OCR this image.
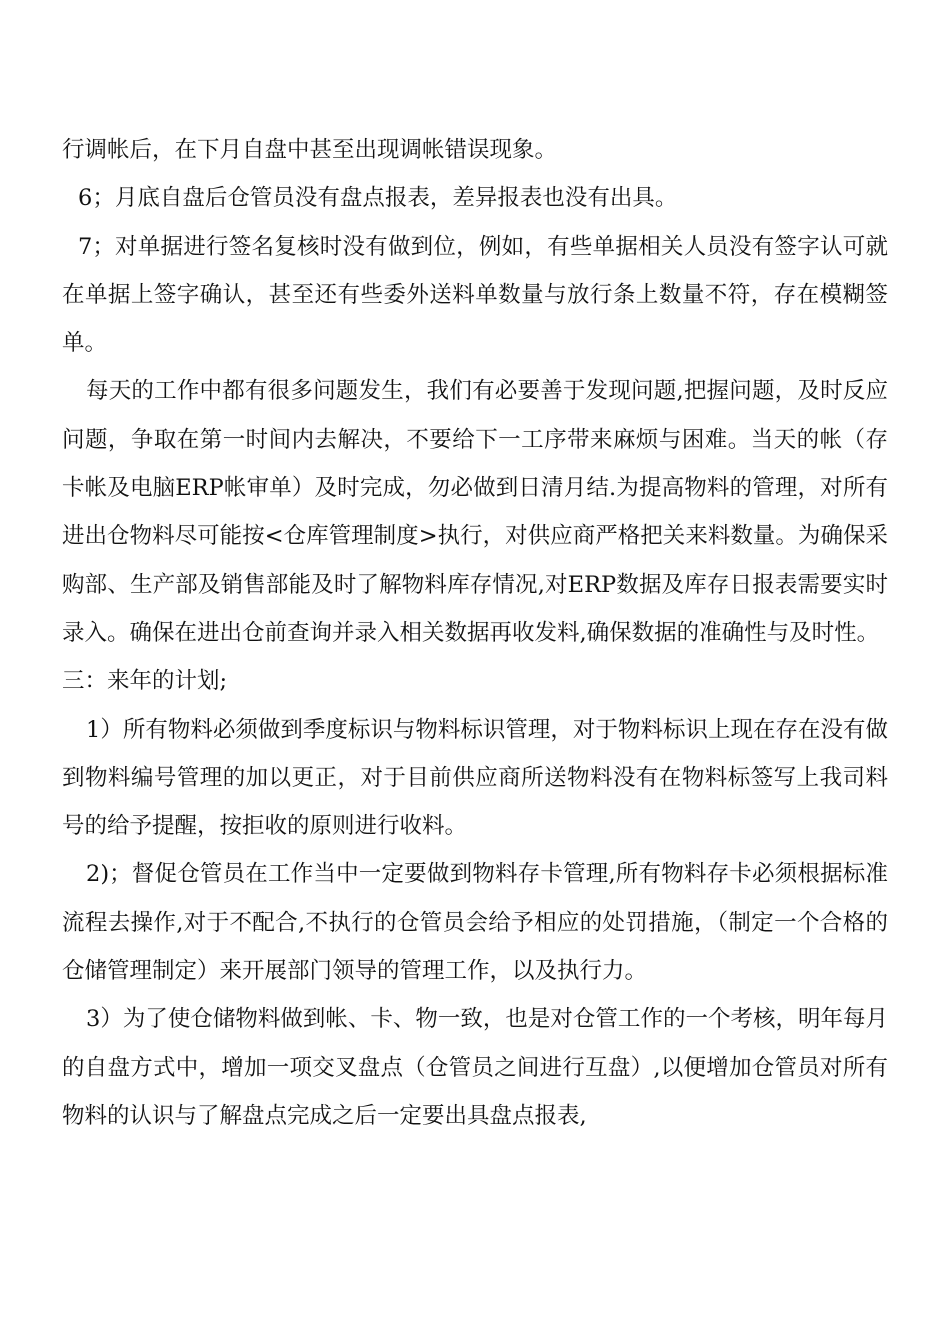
行调帐后，在下月自盘中甚至出现调帐错误现象。

6；月底自盘后仓管员没有盘点报表，差异报表也没有出具。

7；对单据进行签名复核时没有做到位，例如，有些单据相关人员没有签字认可就在单据上签字确认，甚至还有些委外送料单数量与放行条上数量不符，存在模糊签单。

每天的工作中都有很多问题发生，我们有必要善于发现问题,把握问题，及时反应问题，争取在第一时间内去解决，不要给下一工序带来麻烦与困难。当天的帐（存卡帐及电脑ERP帐审单）及时完成，勿必做到日清月结.为提高物料的管理，对所有进出仓物料尽可能按<仓库管理制度>执行，对供应商严格把关来料数量。为确保采购部、生产部及销售部能及时了解物料库存情况,对ERP数据及库存日报表需要实时录入。确保在进出仓前查询并录入相关数据再收发料,确保数据的准确性与及时性。

三：来年的计划;

1）所有物料必须做到季度标识与物料标识管理，对于物料标识上现在存在没有做到物料编号管理的加以更正，对于目前供应商所送物料没有在物料标签写上我司料号的给予提醒，按拒收的原则进行收料。

2)；督促仓管员在工作当中一定要做到物料存卡管理,所有物料存卡必须根据标准流程去操作,对于不配合,不执行的仓管员会给予相应的处罚措施，（制定一个合格的仓储管理制定）来开展部门领导的管理工作，以及执行力。

3）为了使仓储物料做到帐、卡、物一致，也是对仓管工作的一个考核，明年每月的自盘方式中，增加一项交叉盘点（仓管员之间进行互盘）,以便增加仓管员对所有物料的认识与了解盘点完成之后一定要出具盘点报表,
